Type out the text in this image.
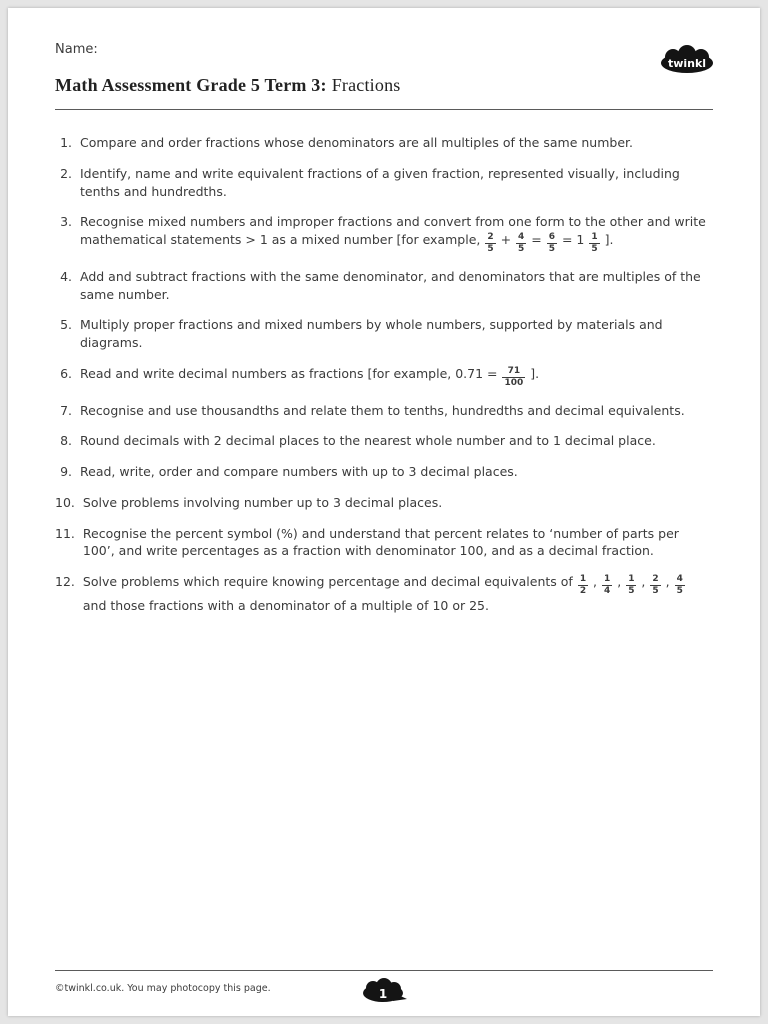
Name:
twinkl
Math Assessment Grade 5 Term 3: Fractions
1. Compare and order fractions whose denominators are all multiples of the same number.
2. Identify, name and write equivalent fractions of a given fraction, represented visually, including tenths and hundredths.
3. Recognise mixed numbers and improper fractions and convert from one form to the other and write mathematical statements > 1 as a mixed number [for example, $\frac{2}{5} + \frac{4}{5} = \frac{6}{5} = 1 \frac{1}{5}$ ].
4. Add and subtract fractions with the same denominator, and denominators that are multiples of the same number.
5. Multiply proper fractions and mixed numbers by whole numbers, supported by materials and diagrams.
6. Read and write decimal numbers as fractions [for example, $0.71 = \frac{71}{100}$ ].
7. Recognise and use thousandths and relate them to tenths, hundredths and decimal equivalents.
8. Round decimals with 2 decimal places to the nearest whole number and to 1 decimal place.
9. Read, write, order and compare numbers with up to 3 decimal places.
10. Solve problems involving number up to 3 decimal places.
11. Recognise the percent symbol (%) and understand that percent relates to ‘number of parts per 100’, and write percentages as a fraction with denominator 100, and as a decimal fraction.
12. Solve problems which require knowing percentage and decimal equivalents of $\frac{1}{2}$ , $\frac{1}{4}$ , $\frac{1}{5}$ , $\frac{2}{5}$ , $\frac{4}{5}$
and those fractions with a denominator of a multiple of 10 or 25.
©twinkl.co.uk. You may photocopy this page.	1
